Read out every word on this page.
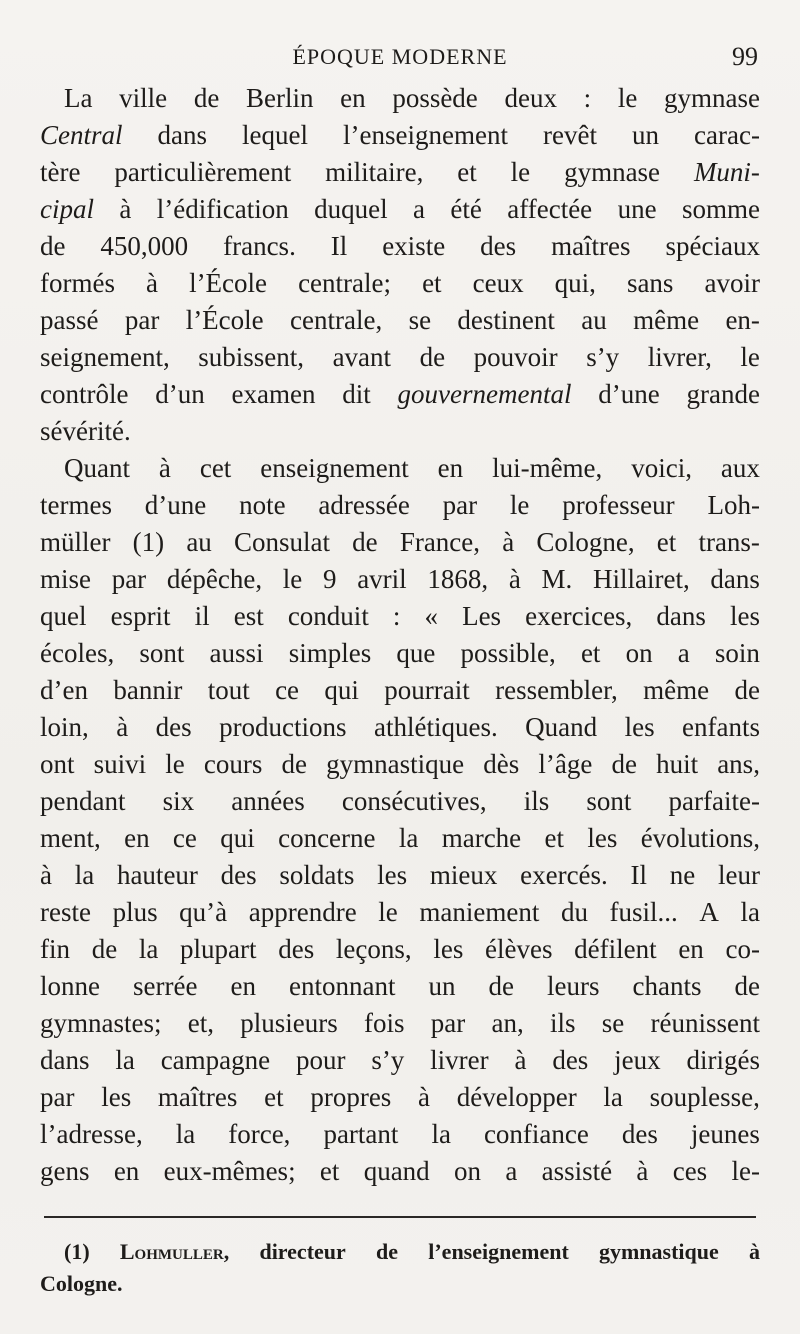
ÉPOQUE MODERNE	99
La ville de Berlin en possède deux : le gymnase
Central dans lequel l’enseignement revêt un carac-
tère particulièrement militaire, et le gymnase Muni-
cipal à l’édification duquel a été affectée une somme
de 450,000 francs. Il existe des maîtres spéciaux
formés à l’École centrale; et ceux qui, sans avoir
passé par l’École centrale, se destinent au même en-
seignement, subissent, avant de pouvoir s’y livrer, le
contrôle d’un examen dit gouvernemental d’une grande
sévérité.
Quant à cet enseignement en lui-même, voici, aux
termes d’une note adressée par le professeur Loh-
müller (1) au Consulat de France, à Cologne, et trans-
mise par dépêche, le 9 avril 1868, à M. Hillairet, dans
quel esprit il est conduit : « Les exercices, dans les
écoles, sont aussi simples que possible, et on a soin
d’en bannir tout ce qui pourrait ressembler, même de
loin, à des productions athlétiques. Quand les enfants
ont suivi le cours de gymnastique dès l’âge de huit ans,
pendant six années consécutives, ils sont parfaite-
ment, en ce qui concerne la marche et les évolutions,
à la hauteur des soldats les mieux exercés. Il ne leur
reste plus qu’à apprendre le maniement du fusil... A la
fin de la plupart des leçons, les élèves défilent en co-
lonne serrée en entonnant un de leurs chants de
gymnastes; et, plusieurs fois par an, ils se réunissent
dans la campagne pour s’y livrer à des jeux dirigés
par les maîtres et propres à développer la souplesse,
l’adresse, la force, partant la confiance des jeunes
gens en eux-mêmes; et quand on a assisté à ces le-
(1) Lohmuller, directeur de l’enseignement gymnastique à
Cologne.
